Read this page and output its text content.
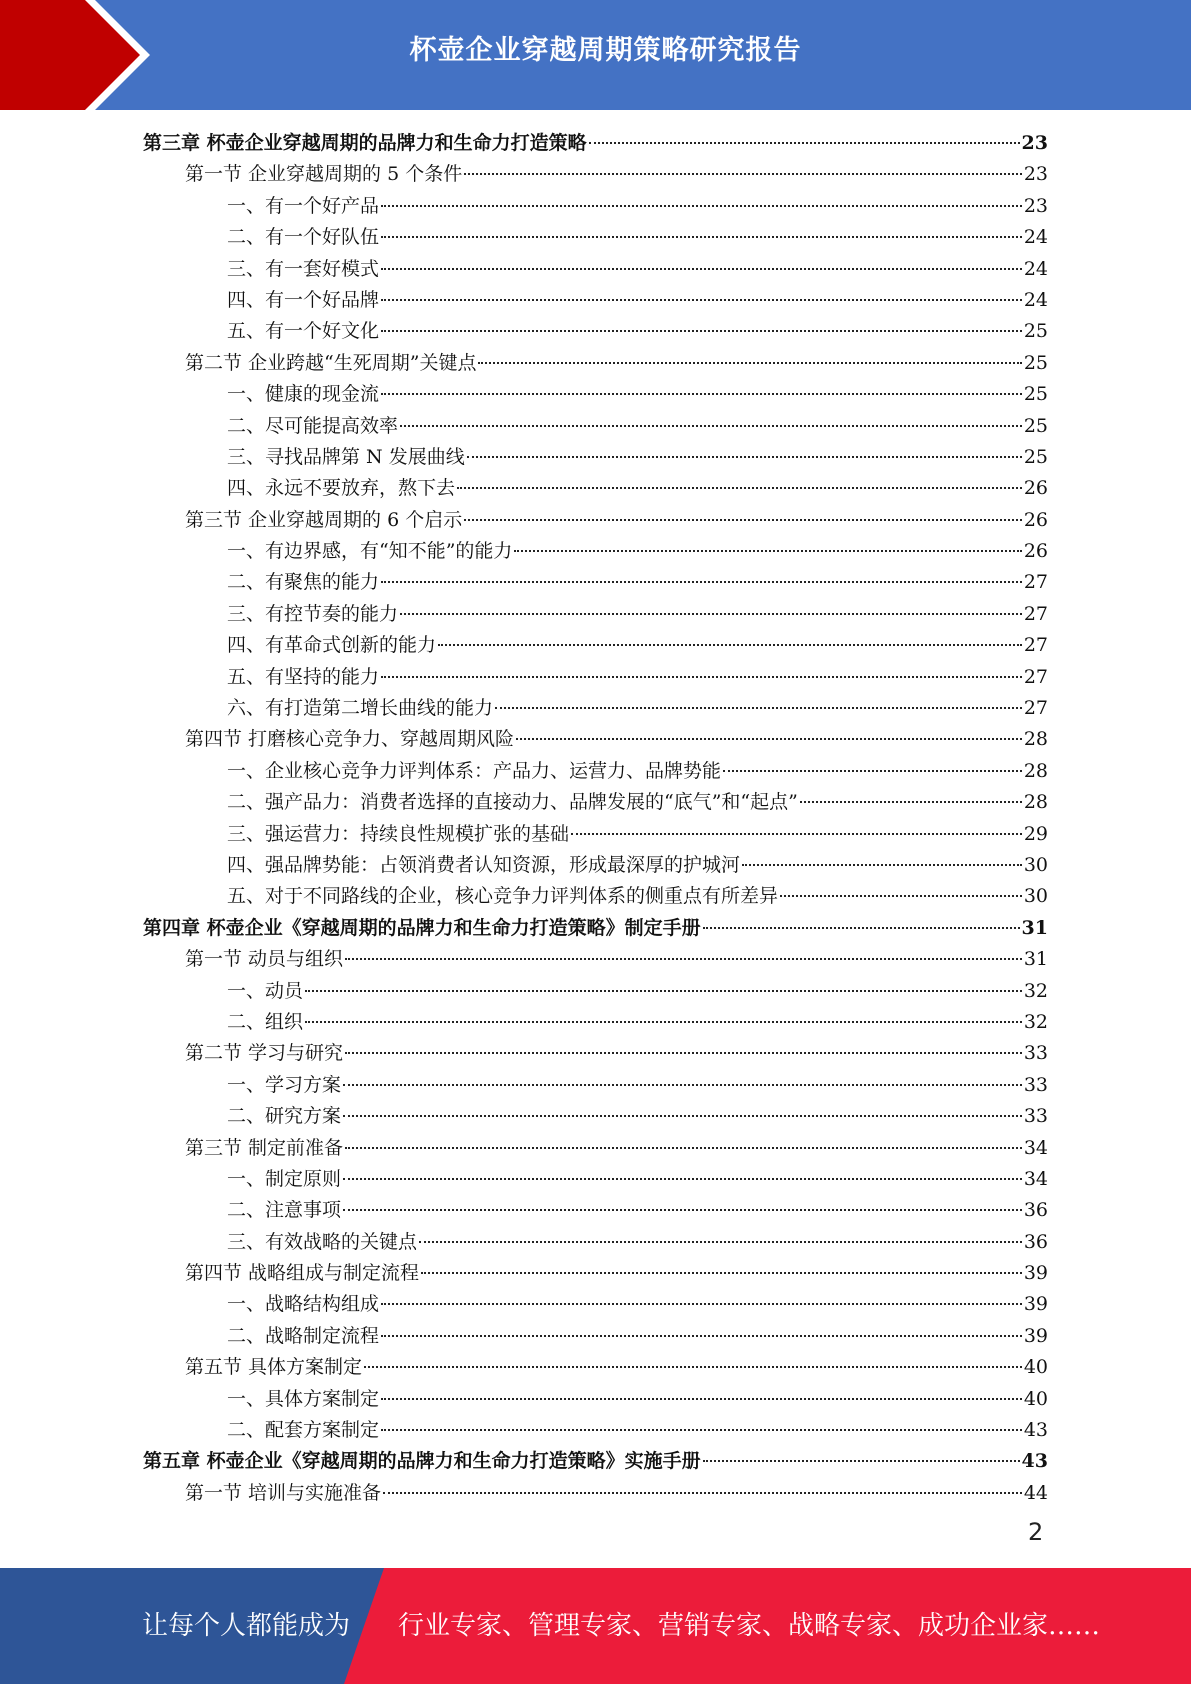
杯壶企业穿越周期策略研究报告
第三章 杯壶企业穿越周期的品牌力和生命力打造策略	23
第一节 企业穿越周期的 5 个条件	23
一、有一个好产品	23
二、有一个好队伍	24
三、有一套好模式	24
四、有一个好品牌	24
五、有一个好文化	25
第二节 企业跨越“生死周期”关键点	25
一、健康的现金流	25
二、尽可能提高效率	25
三、寻找品牌第 N 发展曲线	25
四、永远不要放弃，熬下去	26
第三节 企业穿越周期的 6 个启示	26
一、有边界感，有“知不能”的能力	26
二、有聚焦的能力	27
三、有控节奏的能力	27
四、有革命式创新的能力	27
五、有坚持的能力	27
六、有打造第二增长曲线的能力	27
第四节 打磨核心竞争力、穿越周期风险	28
一、企业核心竞争力评判体系：产品力、运营力、品牌势能	28
二、强产品力：消费者选择的直接动力、品牌发展的“底气”和“起点”	28
三、强运营力：持续良性规模扩张的基础	29
四、强品牌势能：占领消费者认知资源，形成最深厚的护城河	30
五、对于不同路线的企业，核心竞争力评判体系的侧重点有所差异	30
第四章 杯壶企业《穿越周期的品牌力和生命力打造策略》制定手册	31
第一节 动员与组织	31
一、动员	32
二、组织	32
第二节 学习与研究	33
一、学习方案	33
二、研究方案	33
第三节 制定前准备	34
一、制定原则	34
二、注意事项	36
三、有效战略的关键点	36
第四节 战略组成与制定流程	39
一、战略结构组成	39
二、战略制定流程	39
第五节 具体方案制定	40
一、具体方案制定	40
二、配套方案制定	43
第五章 杯壶企业《穿越周期的品牌力和生命力打造策略》实施手册	43
第一节 培训与实施准备	44
2
让每个人都能成为 行业专家、管理专家、营销专家、战略专家、成功企业家……
